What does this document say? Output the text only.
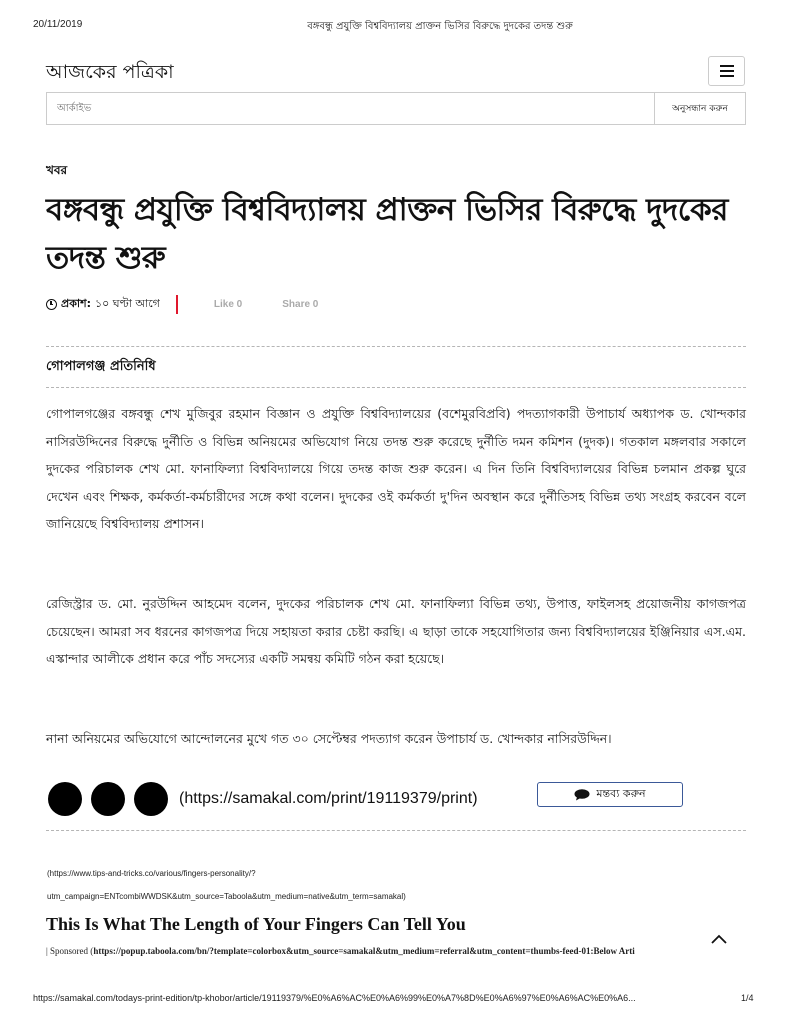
20/11/2019	বঙ্গবন্ধু প্রযুক্তি বিশ্ববিদ্যালয় প্রাক্তন ভিসির বিরুদ্ধে দুদকের তদন্ত শুরু
আজকের পত্রিকা
আর্কাইভ
অনুসন্ধান করুন
খবর
বঙ্গবন্ধু প্রযুক্তি বিশ্ববিদ্যালয় প্রাক্তন ভিসির বিরুদ্ধে দুদকের তদন্ত শুরু
প্রকাশ: ১০ ঘণ্টা আগে	Like 0	Share 0
গোপালগঞ্জ প্রতিনিধি

গোপালগঞ্জের বঙ্গবন্ধু শেখ মুজিবুর রহমান বিজ্ঞান ও প্রযুক্তি বিশ্ববিদ্যালয়ের (বশেমুরবিপ্রবি) পদত্যাগকারী উপাচার্য অধ্যাপক ড. খোন্দকার নাসিরউদ্দিনের বিরুদ্ধে দুর্নীতি ও বিভিন্ন অনিয়মের অভিযোগ নিয়ে তদন্ত শুরু করেছে দুর্নীতি দমন কমিশন (দুদক)। গতকাল মঙ্গলবার সকালে দুদকের পরিচালক শেখ মো. ফানাফিল্যা বিশ্ববিদ্যালয়ে গিয়ে তদন্ত কাজ শুরু করেন। এ দিন তিনি বিশ্ববিদ্যালয়ের বিভিন্ন চলমান প্রকল্প ঘুরে দেখেন এবং শিক্ষক, কর্মকর্তা-কর্মচারীদের সঙ্গে কথা বলেন। দুদকের ওই কর্মকর্তা দু'দিন অবস্থান করে দুর্নীতিসহ বিভিন্ন তথ্য সংগ্রহ করবেন বলে জানিয়েছে বিশ্ববিদ্যালয় প্রশাসন।

রেজিস্ট্রার ড. মো. নুরউদ্দিন আহমেদ বলেন, দুদকের পরিচালক শেখ মো. ফানাফিল্যা বিভিন্ন তথ্য, উপাত্ত, ফাইলসহ প্রয়োজনীয় কাগজপত্র চেয়েছেন। আমরা সব ধরনের কাগজপত্র দিয়ে সহায়তা করার চেষ্টা করছি। এ ছাড়া তাকে সহযোগিতার জন্য বিশ্ববিদ্যালয়ের ইঞ্জিনিয়ার এস.এম. এস্কান্দার আলীকে প্রধান করে পাঁচ সদস্যের একটি সমন্বয় কমিটি গঠন করা হয়েছে।

নানা অনিয়মের অভিযোগে আন্দোলনের মুখে গত ৩০ সেপ্টেম্বর পদত্যাগ করেন উপাচার্য ড. খোন্দকার নাসিরউদ্দিন।

(https://samakal.com/print/19119379/print)	মন্তব্য করুন
(https://www.tips-and-tricks.co/various/fingers-personality/?
utm_campaign=ENTcombiWWDSK&utm_source=Taboola&utm_medium=native&utm_term=samakal)
This Is What The Length of Your Fingers Can Tell You
| Sponsored (https://popup.taboola.com/bn/?template=colorbox&utm_source=samakal&utm_medium=referral&utm_content=thumbs-feed-01:Below Arti
https://samakal.com/todays-print-edition/tp-khobor/article/19119379/%E0%A6%AC%E0%A6%99%E0%A7%8D%E0%A6%97%E0%A6%AC%E0%A6...	1/4
